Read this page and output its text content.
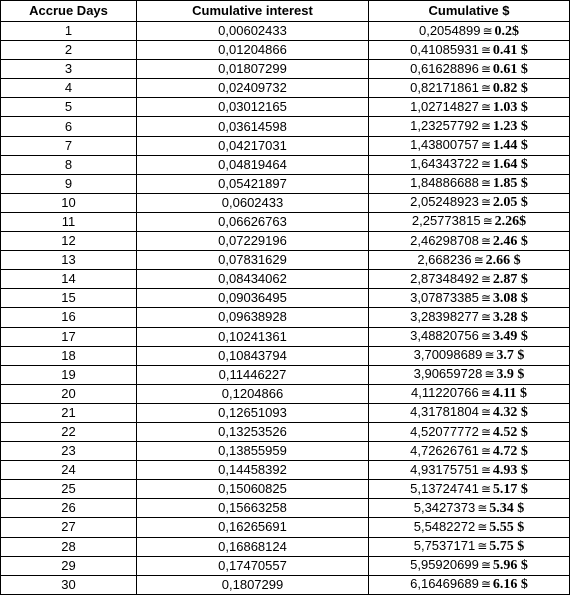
Accrue Days	Cumulative interest	Cumulative $
1	0,00602433	0,2054899 ≅ 0.2$
2	0,01204866	0,41085931 ≅ 0.41 $
3	0,01807299	0,61628896 ≅ 0.61 $
4	0,02409732	0,82171861 ≅ 0.82 $
5	0,03012165	1,02714827 ≅ 1.03 $
6	0,03614598	1,23257792 ≅ 1.23 $
7	0,04217031	1,43800757 ≅ 1.44 $
8	0,04819464	1,64343722 ≅ 1.64 $
9	0,05421897	1,84886688 ≅ 1.85 $
10	0,0602433	2,05248923 ≅ 2.05 $
11	0,06626763	2,25773815 ≅ 2.26$
12	0,07229196	2,46298708 ≅ 2.46 $
13	0,07831629	2,668236 ≅ 2.66 $
14	0,08434062	2,87348492 ≅ 2.87 $
15	0,09036495	3,07873385 ≅ 3.08 $
16	0,09638928	3,28398277 ≅ 3.28 $
17	0,10241361	3,48820756 ≅ 3.49 $
18	0,10843794	3,70098689 ≅ 3.7 $
19	0,11446227	3,90659728 ≅ 3.9 $
20	0,1204866	4,11220766 ≅ 4.11 $
21	0,12651093	4,31781804 ≅ 4.32 $
22	0,13253526	4,52077772 ≅ 4.52 $
23	0,13855959	4,72626761 ≅ 4.72 $
24	0,14458392	4,93175751 ≅ 4.93 $
25	0,15060825	5,13724741 ≅ 5.17 $
26	0,15663258	5,3427373 ≅ 5.34 $
27	0,16265691	5,5482272 ≅ 5.55 $
28	0,16868124	5,7537171 ≅ 5.75 $
29	0,17470557	5,95920699 ≅ 5.96 $
30	0,1807299	6,16469689 ≅ 6.16 $
